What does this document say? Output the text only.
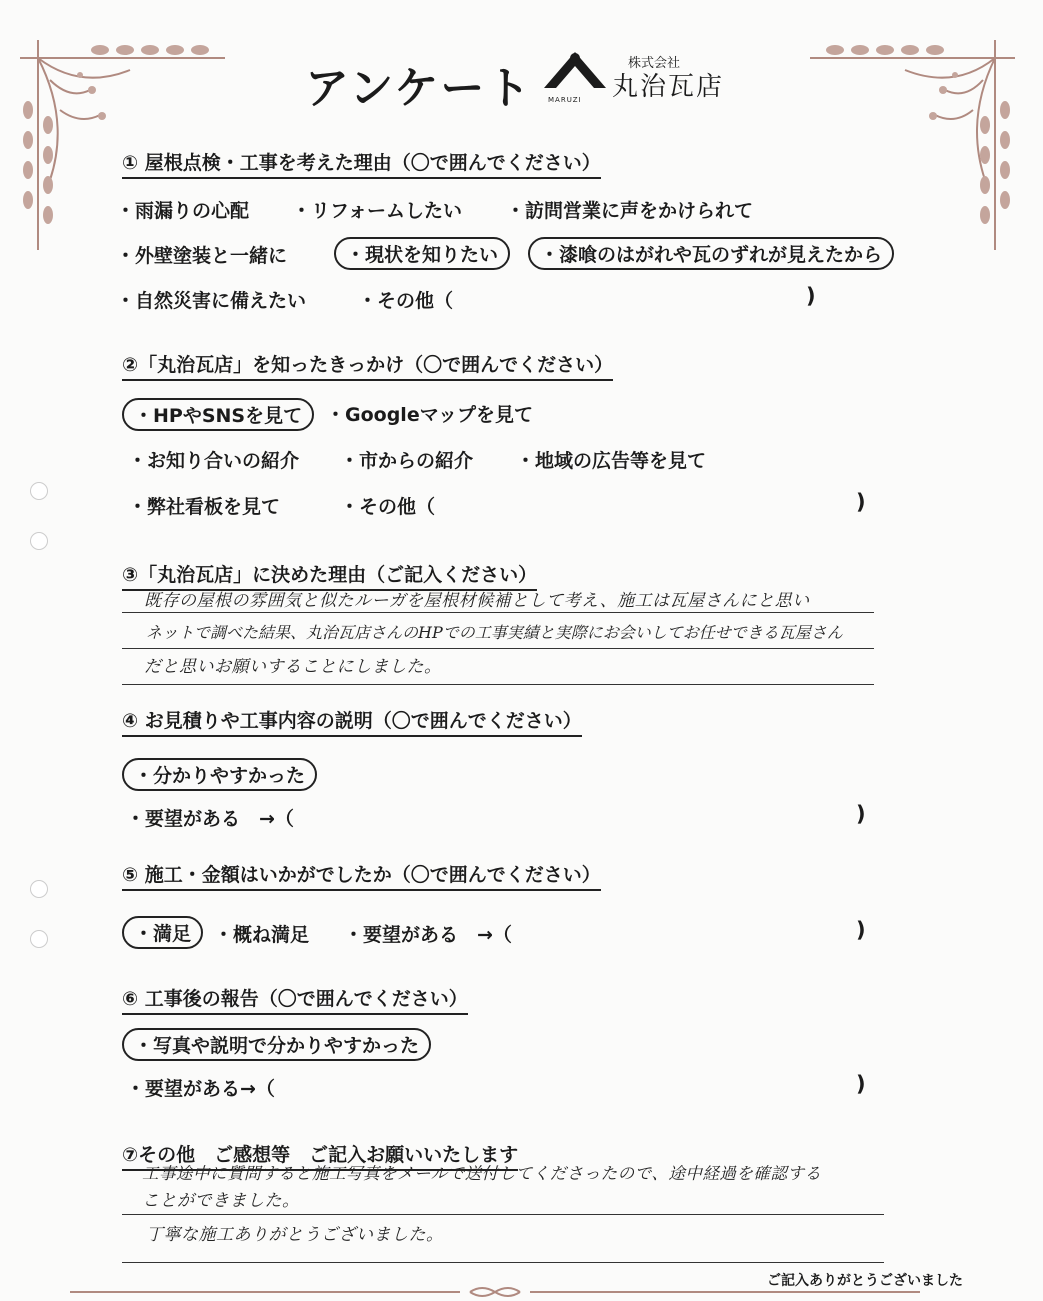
アンケート MARUZI
株式会社
丸治瓦店
① 屋根点検・工事を考えた理由（〇で囲んでください）
・雨漏りの心配 ・リフォームしたい ・訪問営業に声をかけられて
・外壁塗装と一緒に	・現状を知りたい	・漆喰のはがれや瓦のずれが見えたから
・自然災害に備えたい	・その他（	)
②「丸治瓦店」を知ったきっかけ（〇で囲んでください）
・HPやSNSを見て	・Googleマップを見て
・お知り合いの紹介 ・市からの紹介 ・地域の広告等を見て
・弊社看板を見て	・その他（	)
③「丸治瓦店」に決めた理由（ご記入ください）
既存の屋根の雰囲気と似たルーガを屋根材候補として考え、施工は瓦屋さんにと思い
ネットで調べた結果、丸治瓦店さんのHPでの工事実績と実際にお会いしてお任せできる瓦屋さん
だと思いお願いすることにしました。
④ お見積りや工事内容の説明（〇で囲んでください）
・分かりやすかった
・要望がある　→（	)
⑤ 施工・金額はいかがでしたか（〇で囲んでください）
・満足	・概ね満足 ・要望がある　→（	)
⑥ 工事後の報告（〇で囲んでください）
・写真や説明で分かりやすかった
・要望がある→（	)
⑦その他　ご感想等　ご記入お願いいたします
工事途中に質問すると施工写真をメールで送付してくださったので、途中経過を確認する
ことができました。
丁寧な施工ありがとうございました。
ご記入ありがとうございました
